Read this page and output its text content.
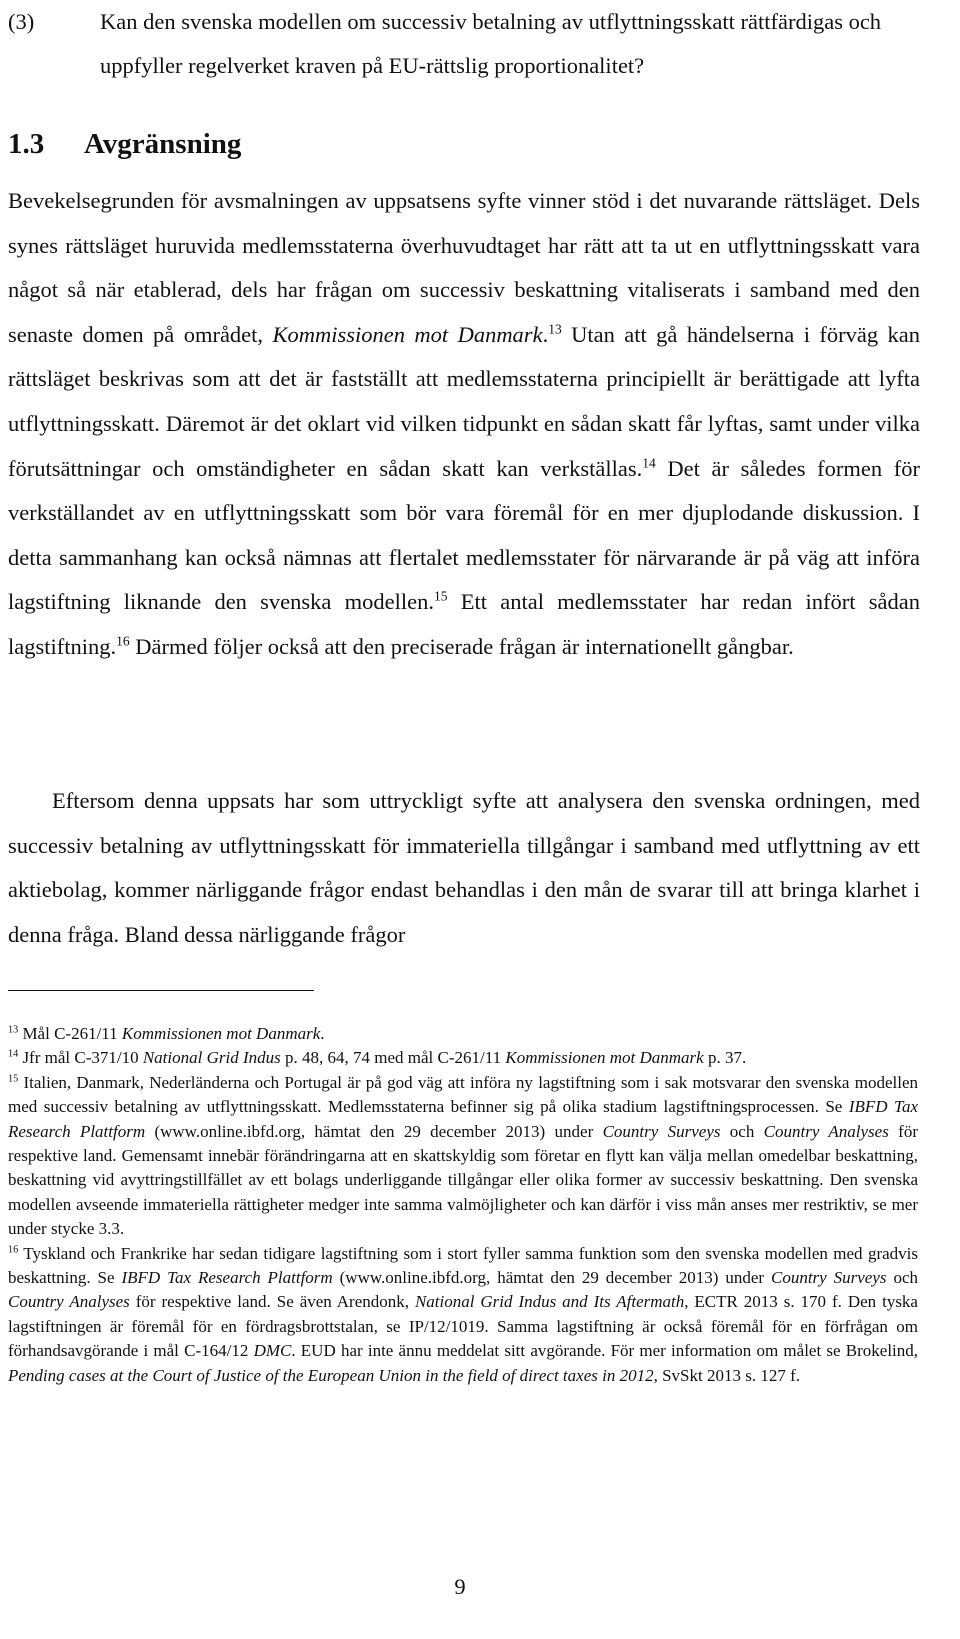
(3)	Kan den svenska modellen om successiv betalning av utflyttningsskatt rättfärdigas och uppfyller regelverket kraven på EU-rättslig proportionalitet?
1.3 Avgränsning

Bevekelsegrunden för avsmalningen av uppsatsens syfte vinner stöd i det nuvarande rättsläget. Dels synes rättsläget huruvida medlemsstaterna överhuvudtaget har rätt att ta ut en utflyttningsskatt vara något så när etablerad, dels har frågan om successiv beskattning vitaliserats i samband med den senaste domen på området, Kommissionen mot Danmark.$^{13}$ Utan att gå händelserna i förväg kan rättsläget beskrivas som att det är fastställt att medlemsstaterna principiellt är berättigade att lyfta utflyttningsskatt. Däremot är det oklart vid vilken tidpunkt en sådan skatt får lyftas, samt under vilka förutsättningar och omständigheter en sådan skatt kan verkställas.$^{14}$ Det är således formen för verkställandet av en utflyttningsskatt som bör vara föremål för en mer djuplodande diskussion. I detta sammanhang kan också nämnas att flertalet medlemsstater för närvarande är på väg att införa lagstiftning liknande den svenska modellen.$^{15}$ Ett antal medlemsstater har redan infört sådan lagstiftning.$^{16}$ Därmed följer också att den preciserade frågan är internationellt gångbar.

Eftersom denna uppsats har som uttryckligt syfte att analysera den svenska ordningen, med successiv betalning av utflyttningsskatt för immateriella tillgångar i samband med utflyttning av ett aktiebolag, kommer närliggande frågor endast behandlas i den mån de svarar till att bringa klarhet i denna fråga. Bland dessa närliggande frågor

$^{13}$ Mål C-261/11 Kommissionen mot Danmark.

$^{14}$ Jfr mål C-371/10 National Grid Indus p. 48, 64, 74 med mål C-261/11 Kommissionen mot Danmark p. 37.

$^{15}$ Italien, Danmark, Nederländerna och Portugal är på god väg att införa ny lagstiftning som i sak motsvarar den svenska modellen med successiv betalning av utflyttningsskatt. Medlemsstaterna befinner sig på olika stadium lagstiftningsprocessen. Se IBFD Tax Research Plattform (www.online.ibfd.org, hämtat den 29 december 2013) under Country Surveys och Country Analyses för respektive land. Gemensamt innebär förändringarna att en skattskyldig som företar en flytt kan välja mellan omedelbar beskattning, beskattning vid avyttringstillfället av ett bolags underliggande tillgångar eller olika former av successiv beskattning. Den svenska modellen avseende immateriella rättigheter medger inte samma valmöjligheter och kan därför i viss mån anses mer restriktiv, se mer under stycke 3.3.

$^{16}$ Tyskland och Frankrike har sedan tidigare lagstiftning som i stort fyller samma funktion som den svenska modellen med gradvis beskattning. Se IBFD Tax Research Plattform (www.online.ibfd.org, hämtat den 29 december 2013) under Country Surveys och Country Analyses för respektive land. Se även Arendonk, National Grid Indus and Its Aftermath, ECTR 2013 s. 170 f. Den tyska lagstiftningen är föremål för en fördragsbrottstalan, se IP/12/1019. Samma lagstiftning är också föremål för en förfrågan om förhandsavgörande i mål C-164/12 DMC. EUD har inte ännu meddelat sitt avgörande. För mer information om målet se Brokelind, Pending cases at the Court of Justice of the European Union in the field of direct taxes in 2012, SvSkt 2013 s. 127 f.

9
